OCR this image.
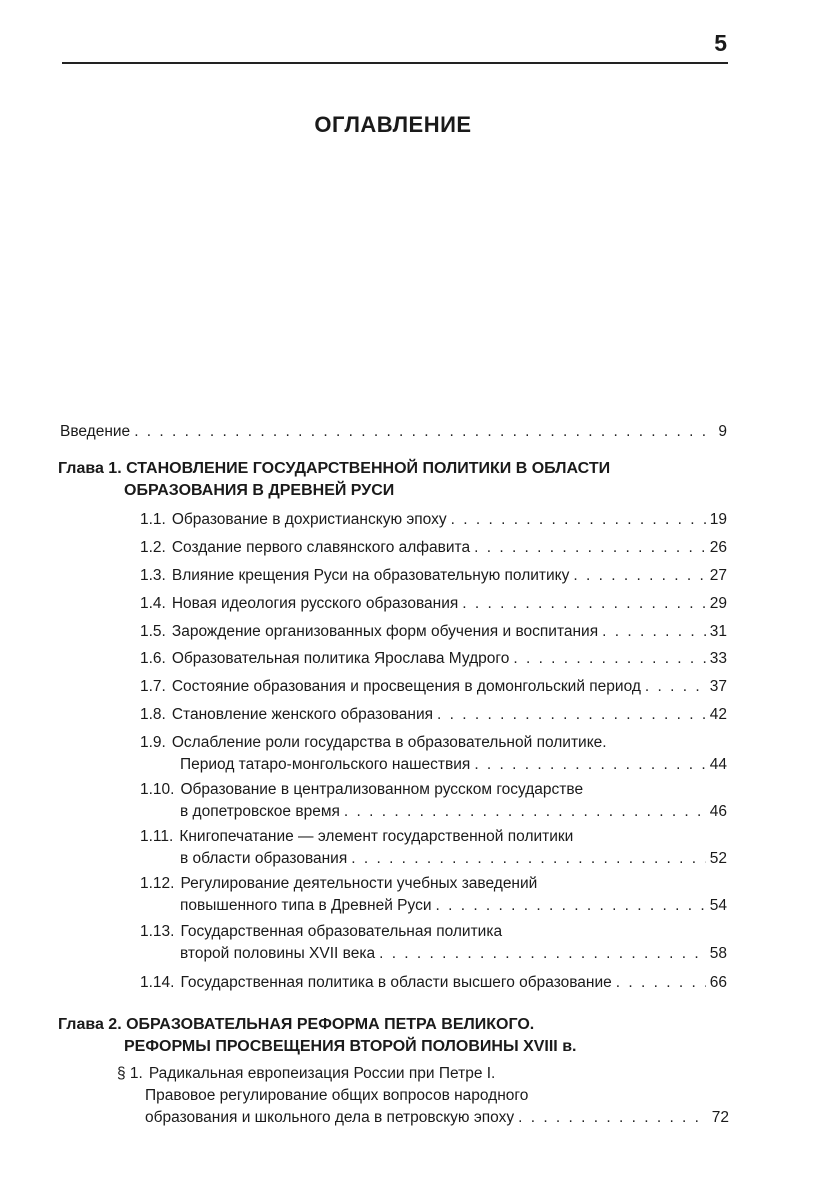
5
ОГЛАВЛЕНИЕ
Введение . . .	9
Глава 1. СТАНОВЛЕНИЕ ГОСУДАРСТВЕННОЙ ПОЛИТИКИ В ОБЛАСТИ
ОБРАЗОВАНИЯ В ДРЕВНЕЙ РУСИ
1.1. Образование в дохристианскую эпоху . . .	19
1.2. Создание первого славянского алфавита . . .	26
1.3. Влияние крещения Руси на образовательную политику . . .	27
1.4. Новая идеология русского образования . . .	29
1.5. Зарождение организованных форм обучения и воспитания . . .	31
1.6. Образовательная политика Ярослава Мудрого . . .	33
1.7. Состояние образования и просвещения в домонгольский период . . .	37
1.8. Становление женского образования . . .	42
1.9. Ослабление роли государства в образовательной политике.
Период татаро-монгольского нашествия . . .	44
1.10. Образование в централизованном русском государстве
в допетровское время . . .	46
1.11. Книгопечатание — элемент государственной политики
в области образования . . .	52
1.12. Регулирование деятельности учебных заведений
повышенного типа в Древней Руси . . .	54
1.13. Государственная образовательная политика
второй половины XVII века . . .	58
1.14. Государственная политика в области высшего образование . . .	66
Глава 2. ОБРАЗОВАТЕЛЬНАЯ РЕФОРМА ПЕТРА ВЕЛИКОГО.
РЕФОРМЫ ПРОСВЕЩЕНИЯ ВТОРОЙ ПОЛОВИНЫ XVIII в.
§ 1. Радикальная европеизация России при Петре I.
Правовое регулирование общих вопросов народного
образования и школьного дела в петровскую эпоху . . .	72
